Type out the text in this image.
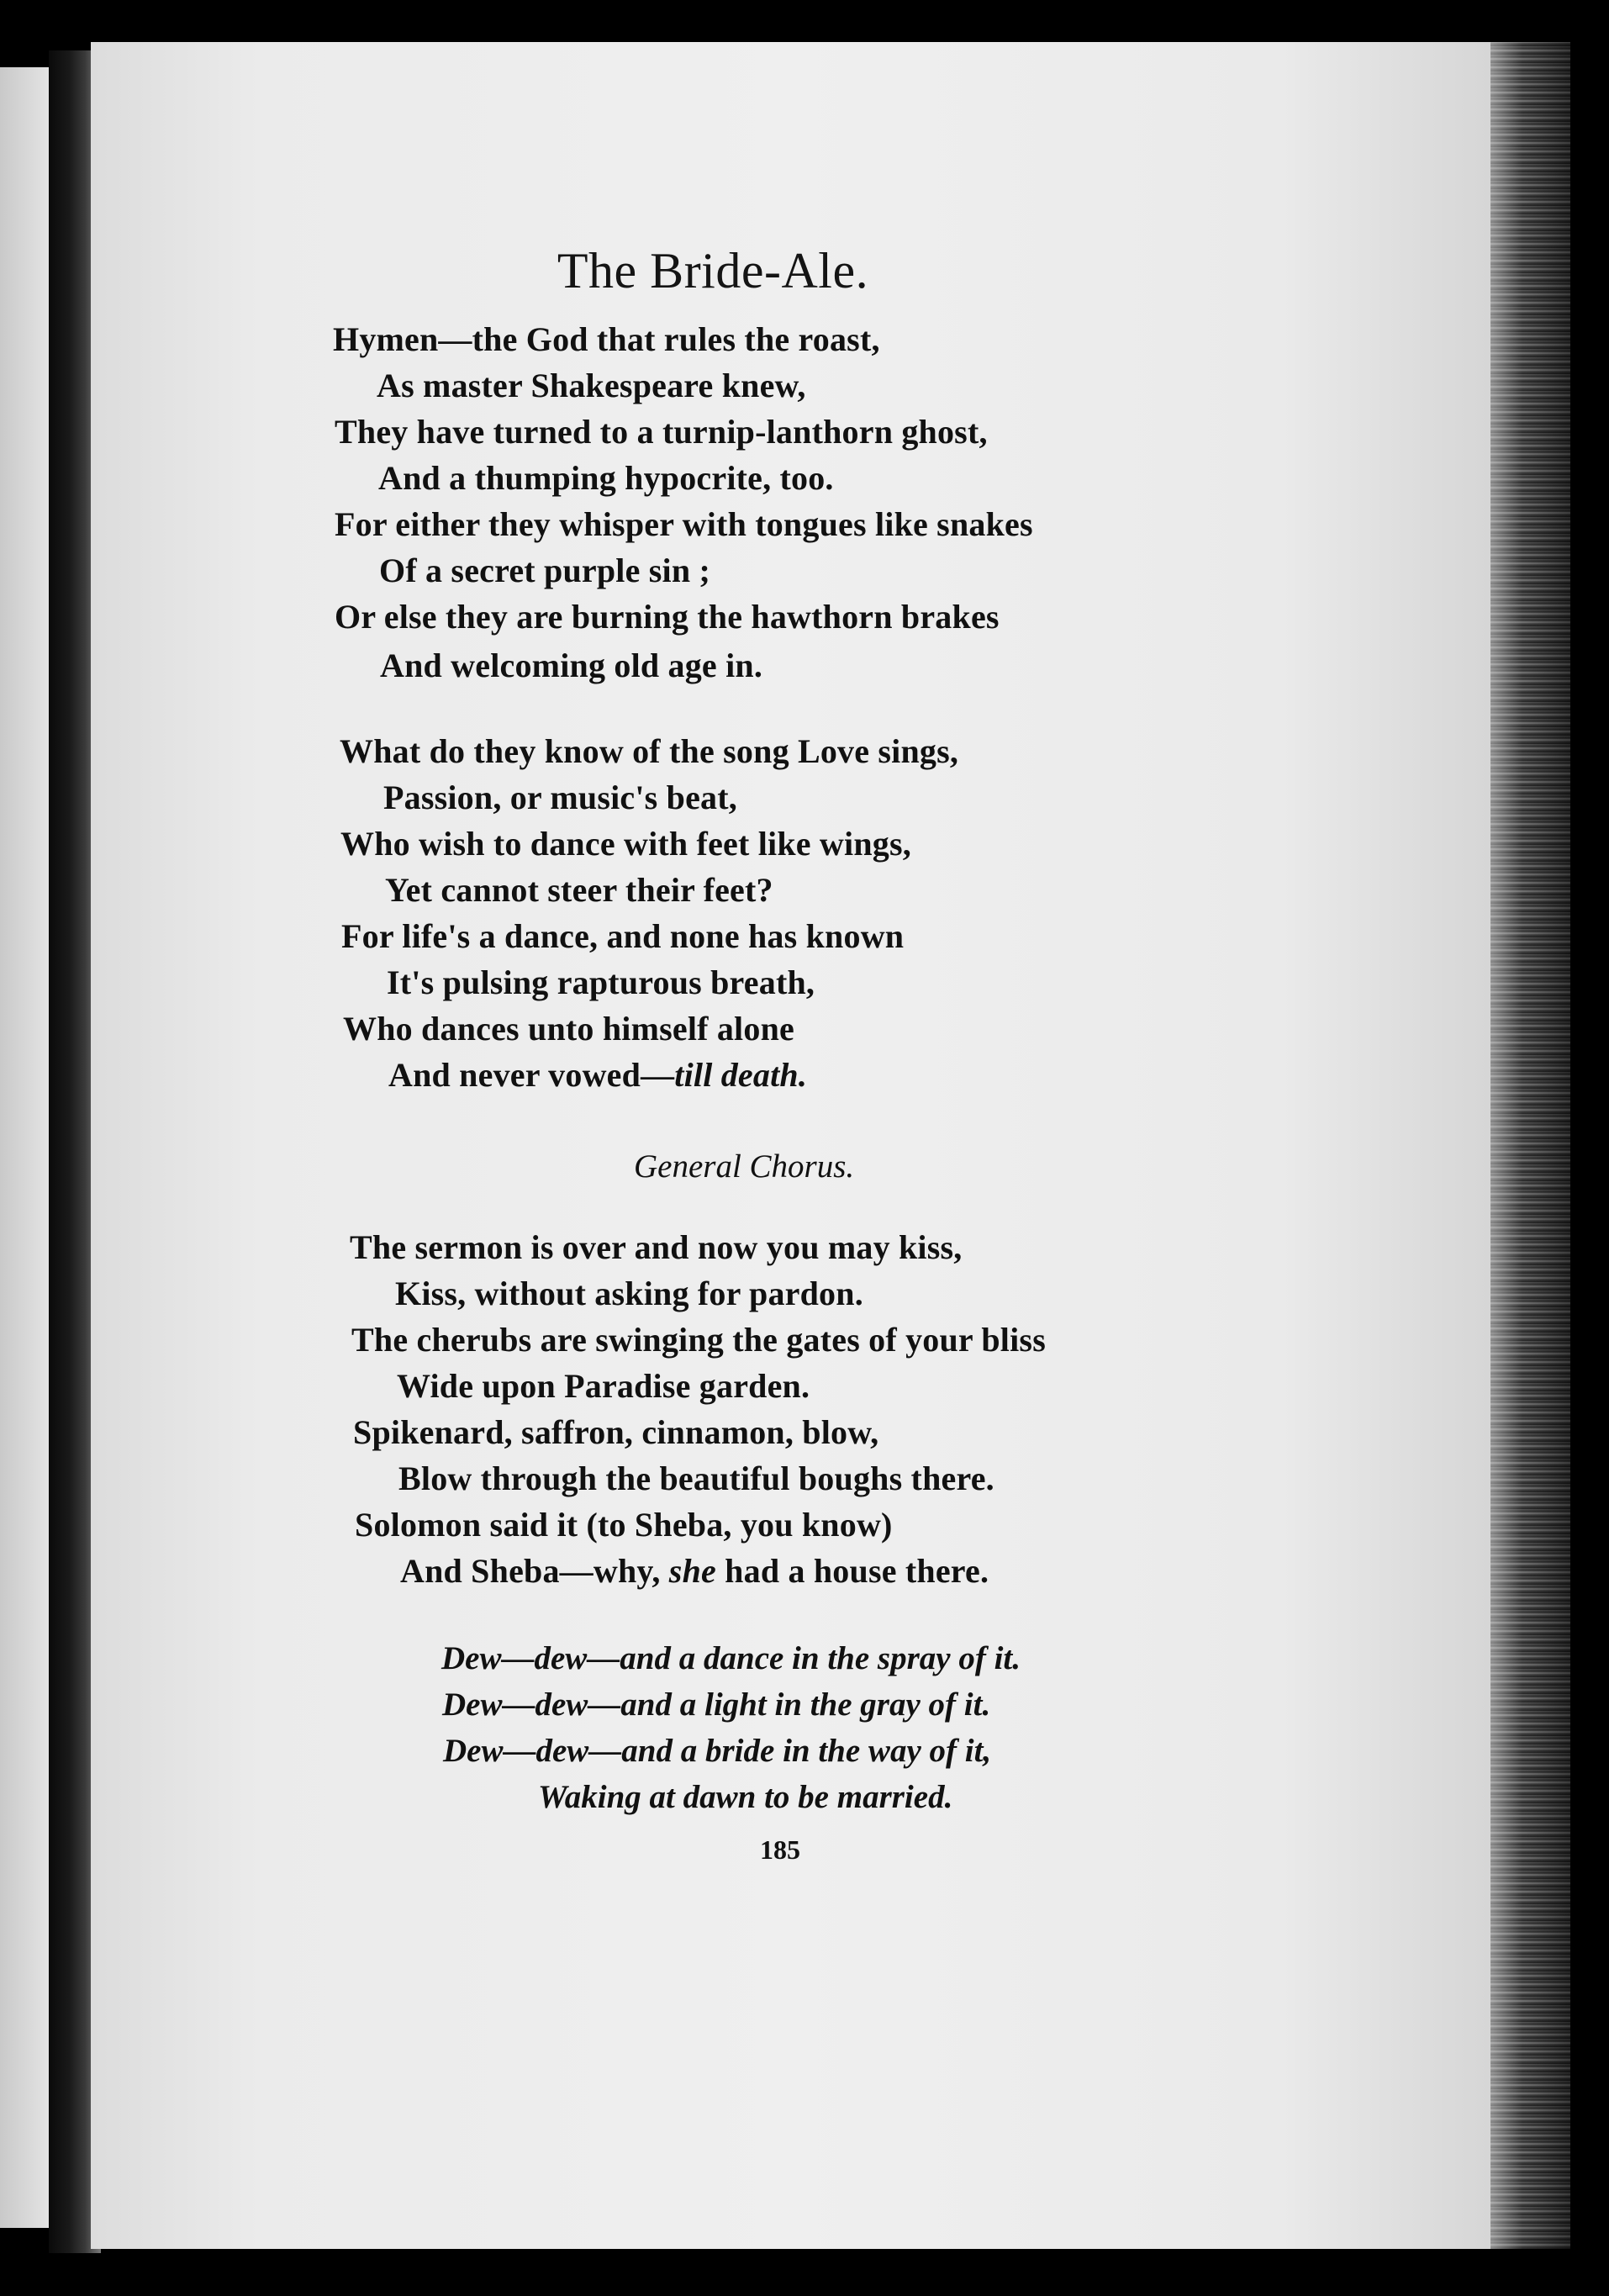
The Bride-Ale.
Hymen—the God that rules the roast,
As master Shakespeare knew,
They have turned to a turnip-lanthorn ghost,
And a thumping hypocrite, too.
For either they whisper with tongues like snakes
Of a secret purple sin ;
Or else they are burning the hawthorn brakes
And welcoming old age in.
What do they know of the song Love sings,
Passion, or music's beat,
Who wish to dance with feet like wings,
Yet cannot steer their feet?
For life's a dance, and none has known
It's pulsing rapturous breath,
Who dances unto himself alone
And never vowed—till death.
General Chorus.
The sermon is over and now you may kiss,
Kiss, without asking for pardon.
The cherubs are swinging the gates of your bliss
Wide upon Paradise garden.
Spikenard, saffron, cinnamon, blow,
Blow through the beautiful boughs there.
Solomon said it (to Sheba, you know)
And Sheba—why, she had a house there.
Dew—dew—and a dance in the spray of it.
Dew—dew—and a light in the gray of it.
Dew—dew—and a bride in the way of it,
Waking at dawn to be married.
185
